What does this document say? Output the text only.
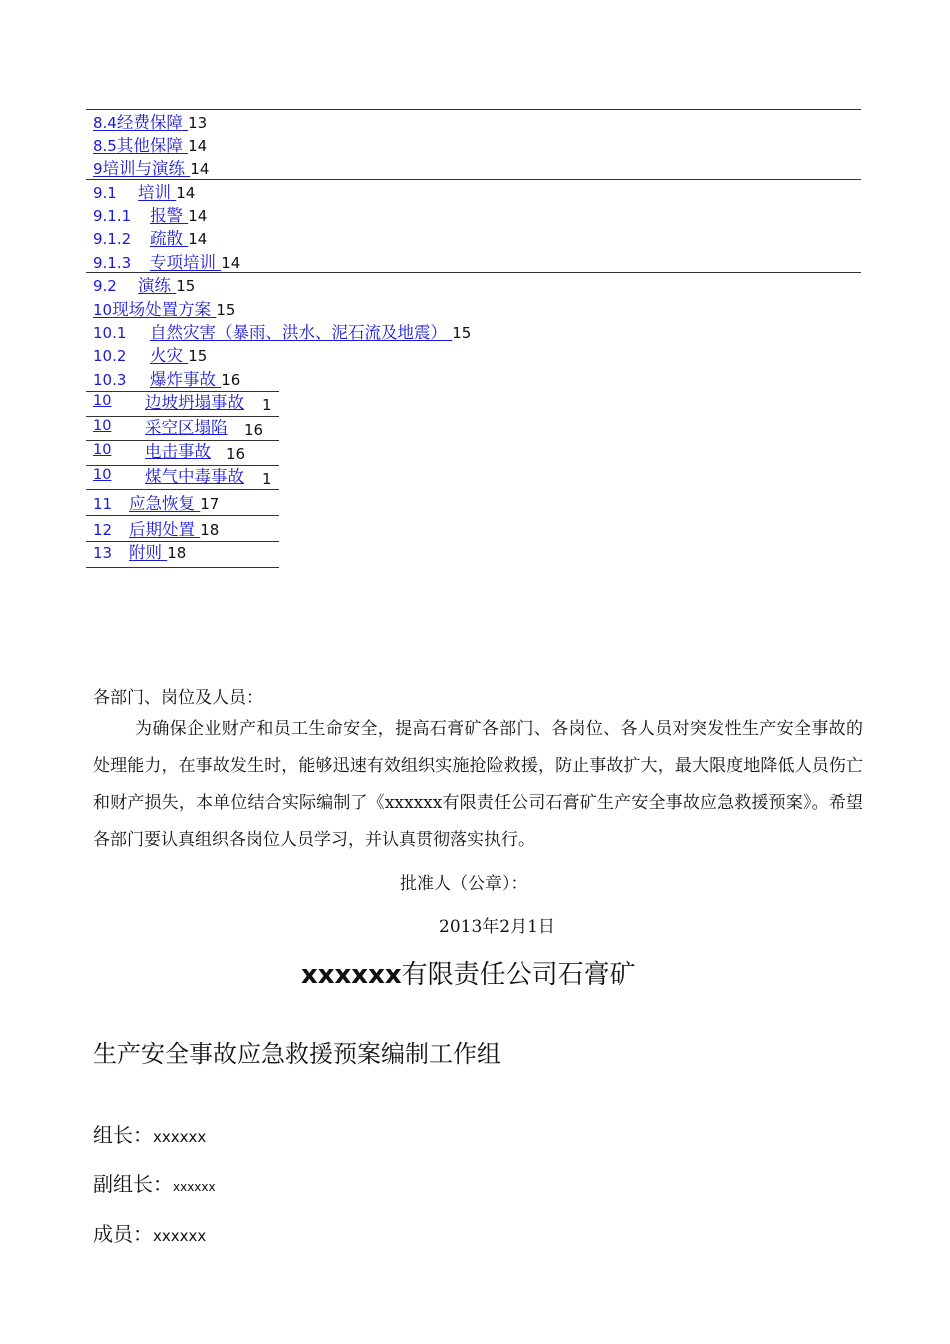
8.4经费保障 13
8.5其他保障 14
9培训与演练 14
9.1 培训 14
9.1.1 报警 14
9.1.2 疏散 14
9.1.3 专项培训 14
9.2 演练 15
10现场处置方案 15
10.1 自然灾害（暴雨、洪水、泥石流及地震） 15
10.2 火灾 15
10.3 爆炸事故 16
10 边坡坍塌事故 1
10 采空区塌陷 16
10 电击事故 16
10 煤气中毒事故 1
11 应急恢复 17
12 后期处置 18
13 附则 18
各部门、岗位及人员：
为确保企业财产和员工生命安全，提高石膏矿各部门、各岗位、各人员对突发性生产安全事故的处理能力，在事故发生时，能够迅速有效组织实施抢险救援，防止事故扩大，最大限度地降低人员伤亡和财产损失，本单位结合实际编制了《xxxxxx有限责任公司石膏矿生产安全事故应急救援预案》。希望各部门要认真组织各岗位人员学习，并认真贯彻落实执行。
批准人（公章）：
2013年2月1日
xxxxxx有限责任公司石膏矿
生产安全事故应急救援预案编制工作组
组长：xxxxxx
副组长：xxxxxx
成员：xxxxxx
